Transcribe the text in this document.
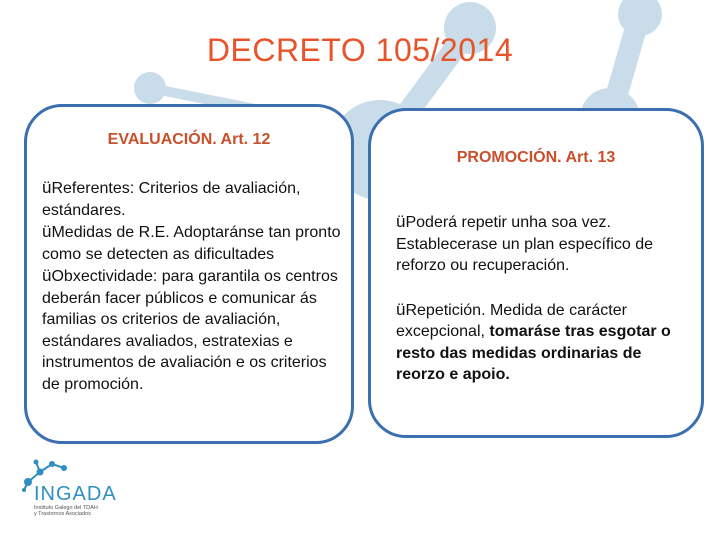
DECRETO 105/2014
EVALUACIÓN. Art. 12
üReferentes: Criterios de avaliación, estándares.
üMedidas de R.E. Adoptaránse tan pronto como se detecten as dificultades
üObxectividade: para garantila os centros deberán facer públicos e comunicar ás familias os criterios de avaliación, estándares avaliados, estratexias e instrumentos de avaliación e os criterios de promoción.
PROMOCIÓN. Art. 13
üPoderá repetir unha soa vez. Establecerase un plan específico de reforzo ou recuperación.
üRepetición. Medida de carácter excepcional, tomaráse tras esgotar o resto das medidas ordinarias de reorzo e apoio.
INGADA
Instituto Galego del TDAH
y Trastornos Asociados
